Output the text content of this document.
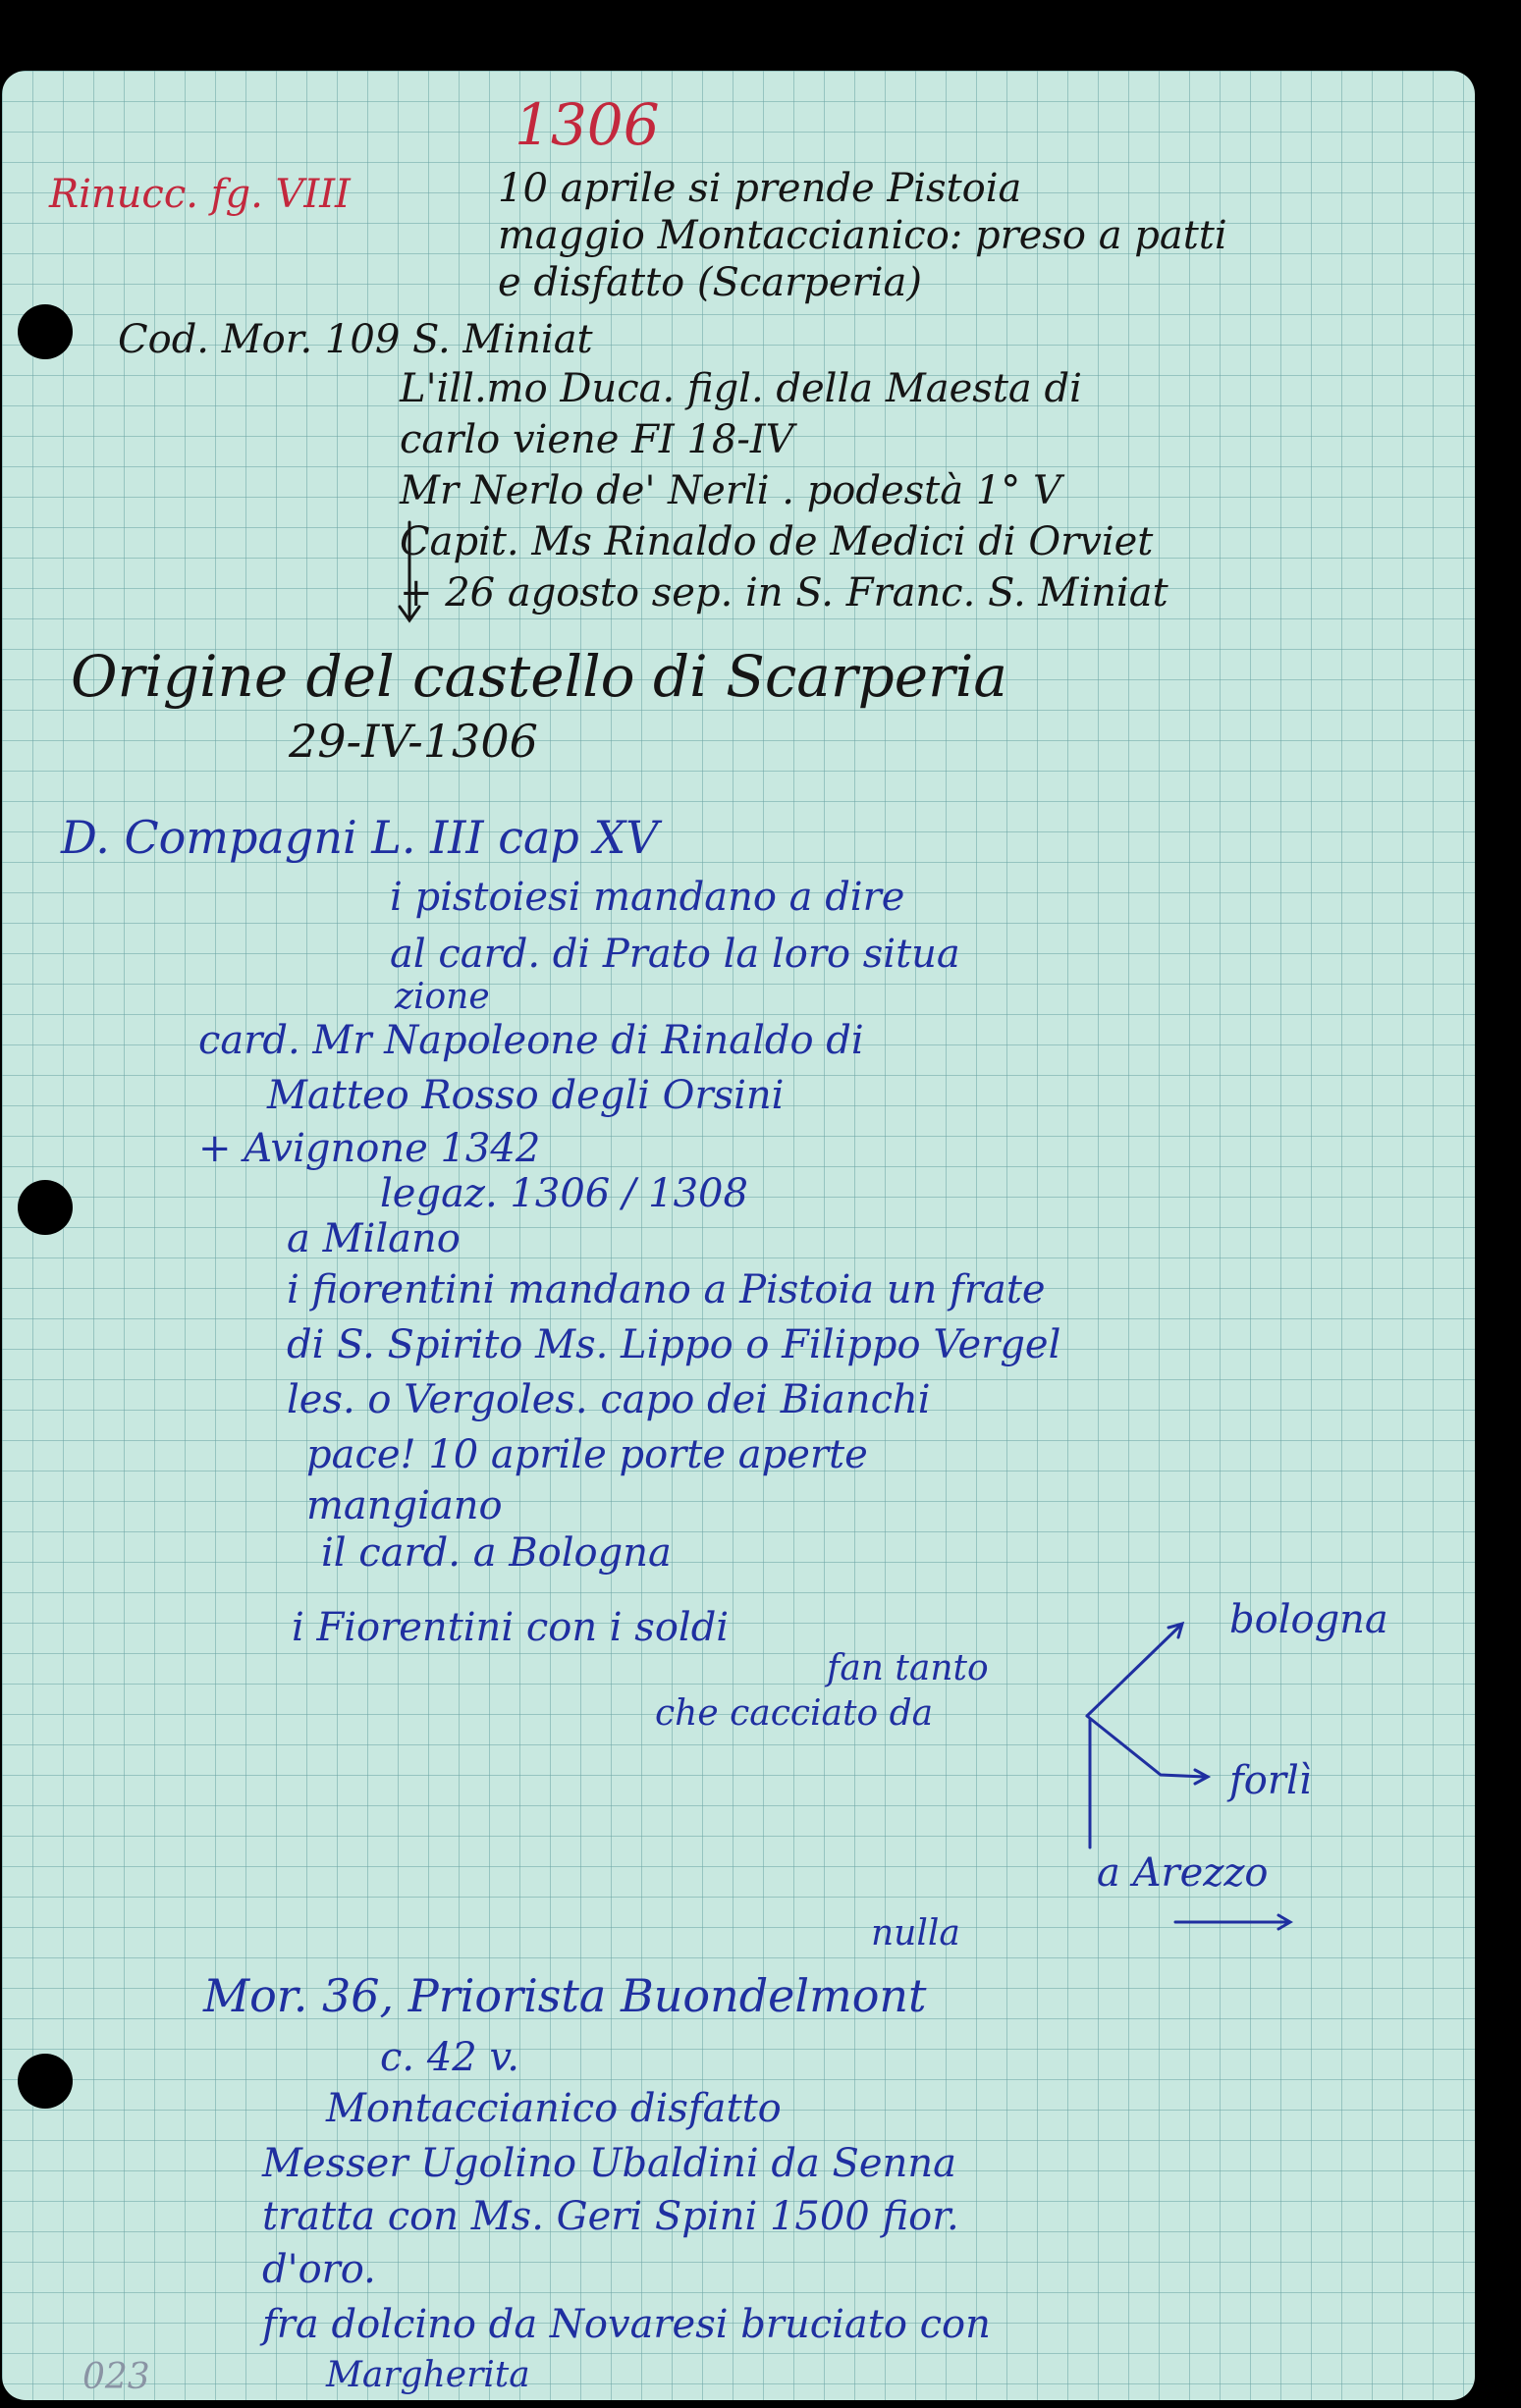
1306
Rinucc. fg. VIII	10 aprile si prende Pistoia
maggio Montaccianico: preso a patti
e disfatto (Scarperia)
Cod. Mor. 109 S. Miniat
L'ill.mo Duca. figl. della Maesta di
carlo viene FI 18-IV
Mr Nerlo de' Nerli . podestà 1° V
Capit. Ms Rinaldo de Medici di Orviet
+ 26 agosto sep. in S. Franc. S. Miniat
Origine del castello di Scarperia
29-IV-1306
D. Compagni L. III cap XV
i pistoiesi mandano a dire
al card. di Prato la loro situa
zione
card. Mr Napoleone di Rinaldo di
Matteo Rosso degli Orsini
+ Avignone 1342
legaz. 1306 / 1308
a Milano
i fiorentini mandano a Pistoia un frate
di S. Spirito Ms. Lippo o Filippo Vergel
les. o Vergoles. capo dei Bianchi
pace! 10 aprile porte aperte
mangiano
il card. a Bologna
i Fiorentini con i soldi
fan tanto
che cacciato da
bologna
forlì
a Arezzo
nulla
Mor. 36, Priorista Buondelmont
c. 42 v.
Montaccianico disfatto
Messer Ugolino Ubaldini da Senna
tratta con Ms. Geri Spini 1500 fior.
d'oro.
fra dolcino da Novaresi bruciato con
Margherita
023
